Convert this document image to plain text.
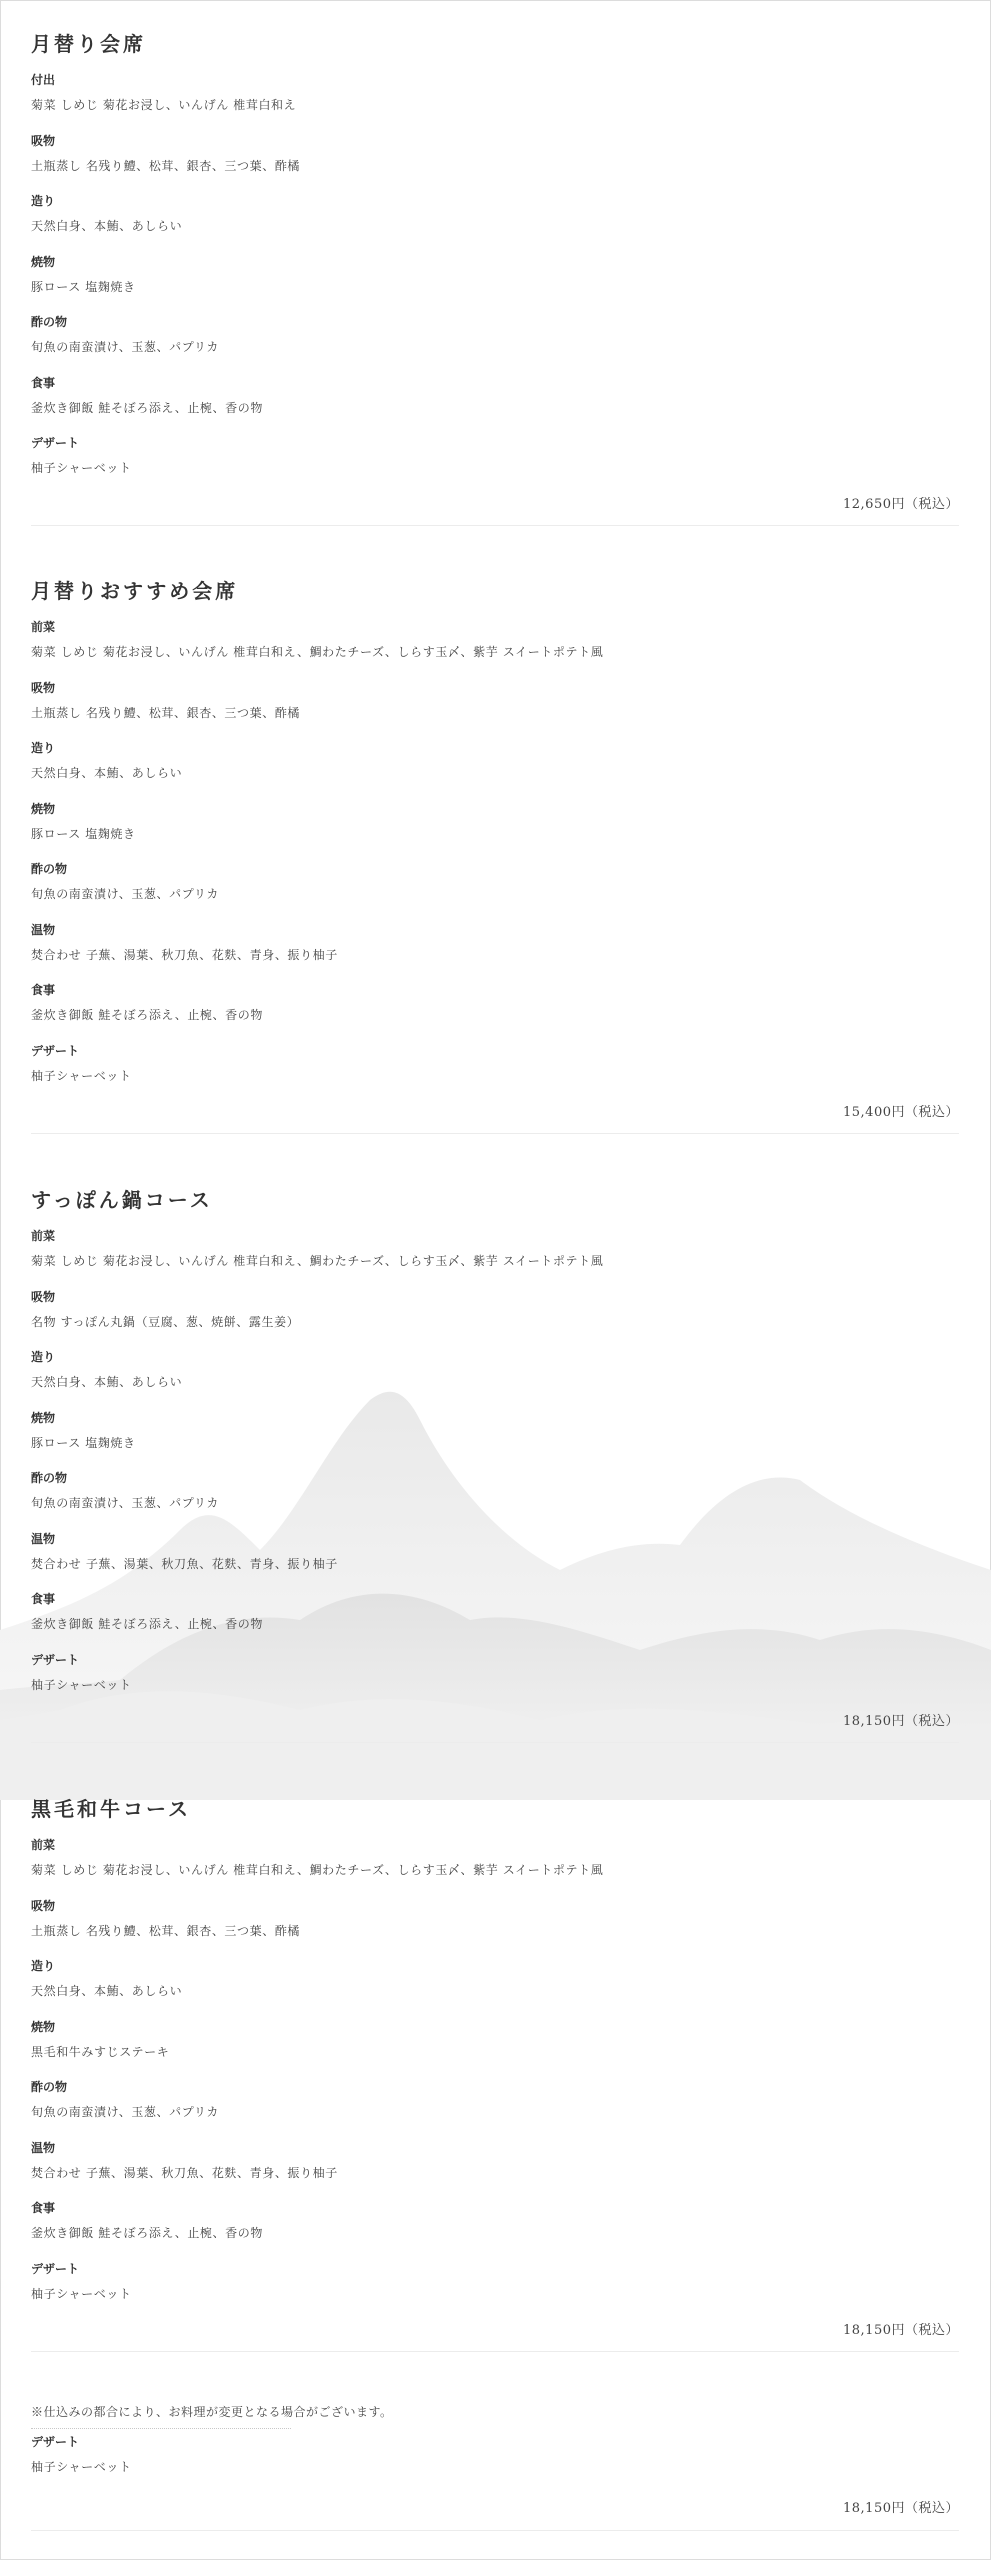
月替り会席
付出
菊菜 しめじ 菊花お浸し、いんげん 椎茸白和え
吸物
土瓶蒸し 名残り鱧、松茸、銀杏、三つ葉、酢橘
造り
天然白身、本鮪、あしらい
焼物
豚ロース 塩麹焼き
酢の物
旬魚の南蛮漬け、玉葱、パプリカ
食事
釜炊き御飯 鮭そぼろ添え、止椀、香の物
デザート
柚子シャーベット
12,650円（税込）
月替りおすすめ会席
前菜
菊菜 しめじ 菊花お浸し、いんげん 椎茸白和え、鯛わたチーズ、しらす玉〆、紫芋 スイートポテト風
吸物
土瓶蒸し 名残り鱧、松茸、銀杏、三つ葉、酢橘
造り
天然白身、本鮪、あしらい
焼物
豚ロース 塩麹焼き
酢の物
旬魚の南蛮漬け、玉葱、パプリカ
温物
焚合わせ 子蕪、湯葉、秋刀魚、花麩、青身、振り柚子
食事
釜炊き御飯 鮭そぼろ添え、止椀、香の物
デザート
柚子シャーベット
15,400円（税込）
すっぽん鍋コース
前菜
菊菜 しめじ 菊花お浸し、いんげん 椎茸白和え、鯛わたチーズ、しらす玉〆、紫芋 スイートポテト風
吸物
名物 すっぽん丸鍋（豆腐、葱、焼餅、露生姜）
造り
天然白身、本鮪、あしらい
焼物
豚ロース 塩麹焼き
酢の物
旬魚の南蛮漬け、玉葱、パプリカ
温物
焚合わせ 子蕪、湯葉、秋刀魚、花麩、青身、振り柚子
食事
釜炊き御飯 鮭そぼろ添え、止椀、香の物
デザート
柚子シャーベット
18,150円（税込）
黒毛和牛コース
前菜
菊菜 しめじ 菊花お浸し、いんげん 椎茸白和え、鯛わたチーズ、しらす玉〆、紫芋 スイートポテト風
吸物
土瓶蒸し 名残り鱧、松茸、銀杏、三つ葉、酢橘
造り
天然白身、本鮪、あしらい
焼物
黒毛和牛みすじステーキ
酢の物
旬魚の南蛮漬け、玉葱、パプリカ
温物
焚合わせ 子蕪、湯葉、秋刀魚、花麩、青身、振り柚子
食事
釜炊き御飯 鮭そぼろ添え、止椀、香の物
デザート
柚子シャーベット
18,150円（税込）
※仕込みの都合により、お料理が変更となる場合がございます。
デザート
柚子シャーベット
18,150円（税込）
